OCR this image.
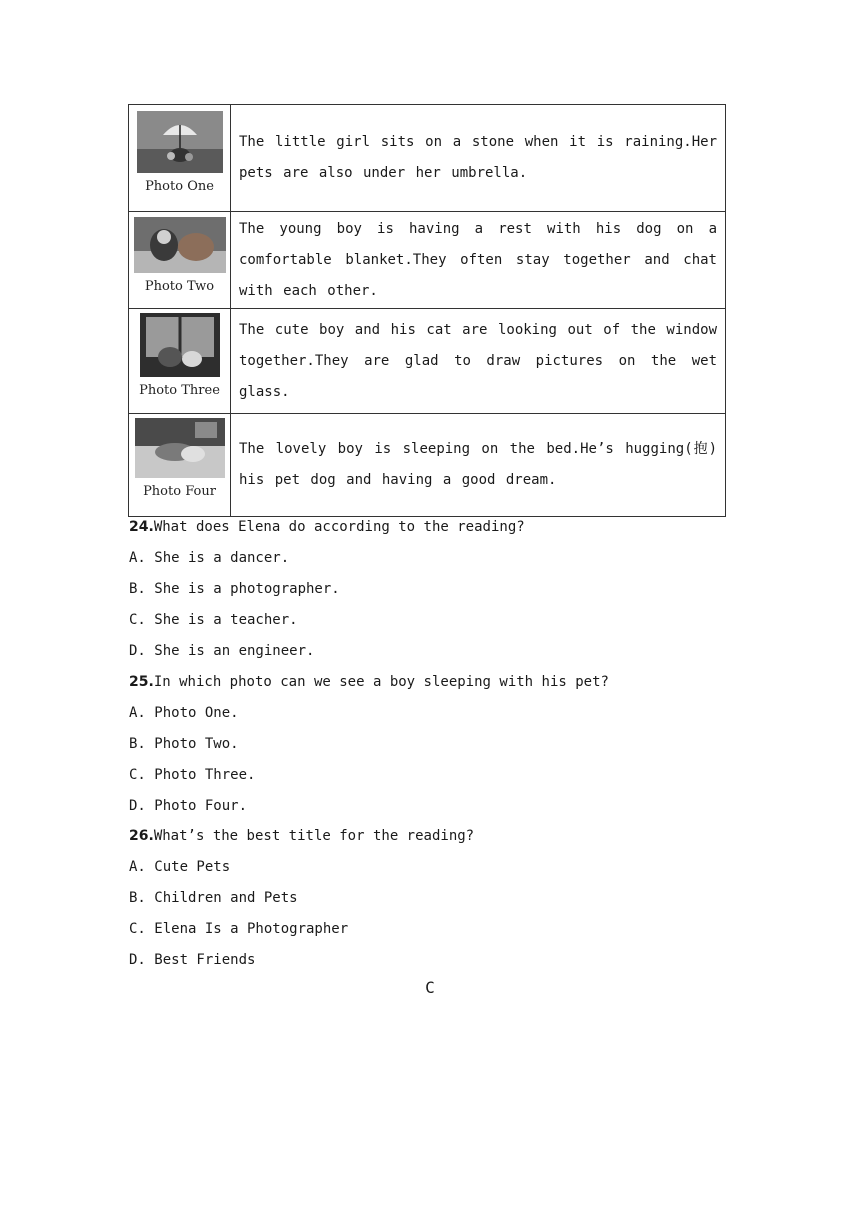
Photo One	The little girl sits on a stone when it is raining.Her pets are also under her umbrella.

Photo Two	The young boy is having a rest with his dog on a comfortable blanket.They often stay together and chat with each other.

Photo Three	The cute boy and his cat are looking out of the window together.They are glad to draw pictures on the wet glass.

Photo Four	The lovely boy is sleeping on the bed.He’s hugging(抱) his pet dog and having a good dream.
24.What does Elena do according to the reading?
A. She is a dancer.
B. She is a photographer.
C. She is a teacher.
D. She is an engineer.
25.In which photo can we see a boy sleeping with his pet?
A. Photo One.
B. Photo Two.
C. Photo Three.
D. Photo Four.
26.What’s the best title for the reading?
A. Cute Pets
B. Children and Pets
C. Elena Is a Photographer
D. Best Friends
C
